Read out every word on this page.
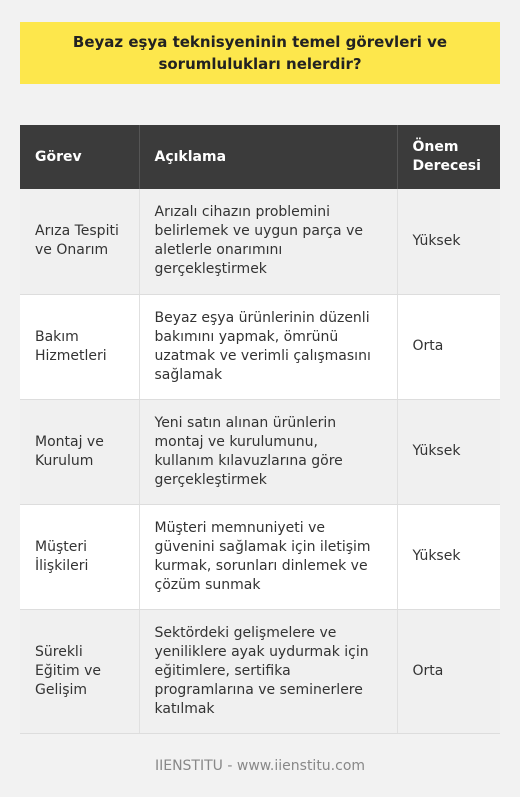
Beyaz eşya teknisyeninin temel görevleri ve sorumlulukları nelerdir?
Görev	Açıklama	Önem Derecesi
Arıza Tespiti ve Onarım	Arızalı cihazın problemini belirlemek ve uygun parça ve aletlerle onarımını gerçekleştirmek	Yüksek
Bakım Hizmetleri	Beyaz eşya ürünlerinin düzenli bakımını yapmak, ömrünü uzatmak ve verimli çalışmasını sağlamak	Orta
Montaj ve Kurulum	Yeni satın alınan ürünlerin montaj ve kurulumunu, kullanım kılavuzlarına göre gerçekleştirmek	Yüksek
Müşteri İlişkileri	Müşteri memnuniyeti ve güvenini sağlamak için iletişim kurmak, sorunları dinlemek ve çözüm sunmak	Yüksek
Sürekli Eğitim ve Gelişim	Sektördeki gelişmelere ve yeniliklere ayak uydurmak için eğitimlere, sertifika programlarına ve seminerlere katılmak	Orta
IIENSTITU - www.iienstitu.com
